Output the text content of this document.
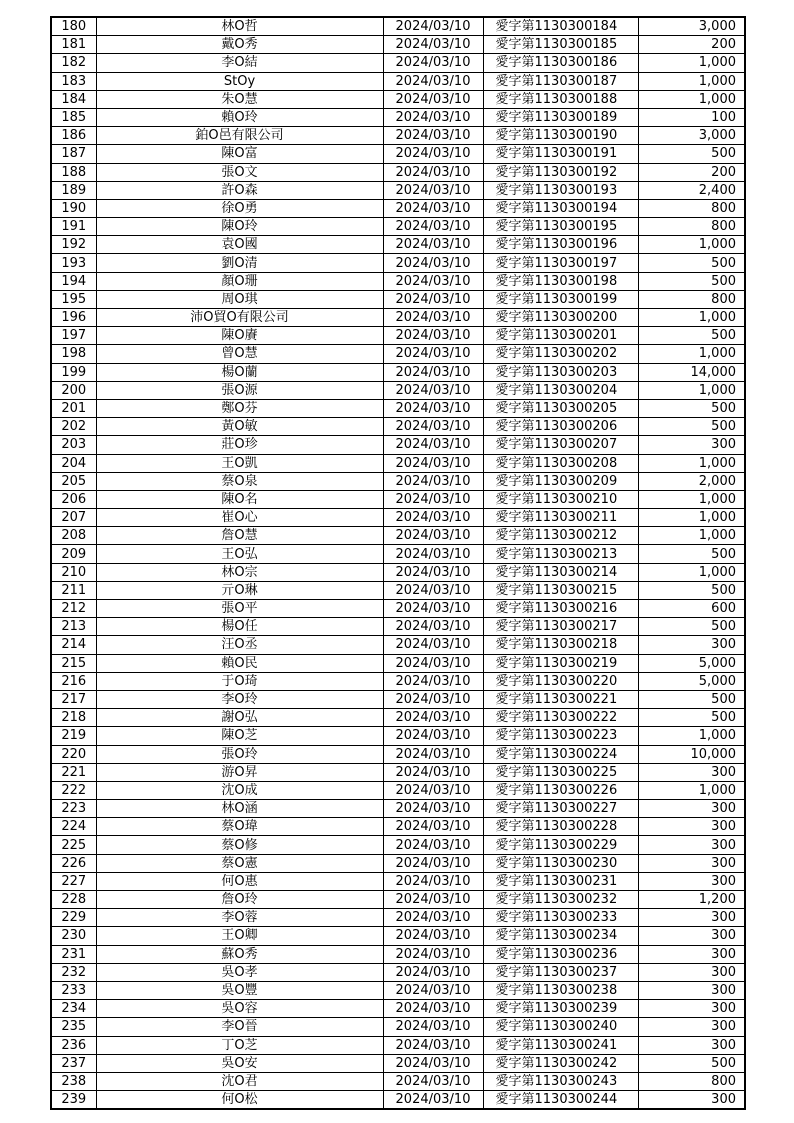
180	林O哲	2024/03/10	愛字第1130300184	3,000
181	戴O秀	2024/03/10	愛字第1130300185	200
182	李O結	2024/03/10	愛字第1130300186	1,000
183	StOy	2024/03/10	愛字第1130300187	1,000
184	朱O慧	2024/03/10	愛字第1130300188	1,000
185	賴O玲	2024/03/10	愛字第1130300189	100
186	鉑O邑有限公司	2024/03/10	愛字第1130300190	3,000
187	陳O富	2024/03/10	愛字第1130300191	500
188	張O文	2024/03/10	愛字第1130300192	200
189	許O森	2024/03/10	愛字第1130300193	2,400
190	徐O勇	2024/03/10	愛字第1130300194	800
191	陳O玲	2024/03/10	愛字第1130300195	800
192	袁O國	2024/03/10	愛字第1130300196	1,000
193	劉O清	2024/03/10	愛字第1130300197	500
194	顏O珊	2024/03/10	愛字第1130300198	500
195	周O琪	2024/03/10	愛字第1130300199	800
196	沛O貿O有限公司	2024/03/10	愛字第1130300200	1,000
197	陳O賡	2024/03/10	愛字第1130300201	500
198	曾O慧	2024/03/10	愛字第1130300202	1,000
199	楊O蘭	2024/03/10	愛字第1130300203	14,000
200	張O源	2024/03/10	愛字第1130300204	1,000
201	鄭O芬	2024/03/10	愛字第1130300205	500
202	黃O敏	2024/03/10	愛字第1130300206	500
203	莊O珍	2024/03/10	愛字第1130300207	300
204	王O凱	2024/03/10	愛字第1130300208	1,000
205	蔡O泉	2024/03/10	愛字第1130300209	2,000
206	陳O名	2024/03/10	愛字第1130300210	1,000
207	崔O心	2024/03/10	愛字第1130300211	1,000
208	詹O慧	2024/03/10	愛字第1130300212	1,000
209	王O弘	2024/03/10	愛字第1130300213	500
210	林O宗	2024/03/10	愛字第1130300214	1,000
211	亓O琳	2024/03/10	愛字第1130300215	500
212	張O平	2024/03/10	愛字第1130300216	600
213	楊O任	2024/03/10	愛字第1130300217	500
214	汪O丞	2024/03/10	愛字第1130300218	300
215	賴O民	2024/03/10	愛字第1130300219	5,000
216	于O琦	2024/03/10	愛字第1130300220	5,000
217	李O玲	2024/03/10	愛字第1130300221	500
218	謝O弘	2024/03/10	愛字第1130300222	500
219	陳O芝	2024/03/10	愛字第1130300223	1,000
220	張O玲	2024/03/10	愛字第1130300224	10,000
221	游O昇	2024/03/10	愛字第1130300225	300
222	沈O成	2024/03/10	愛字第1130300226	1,000
223	林O涵	2024/03/10	愛字第1130300227	300
224	蔡O瑋	2024/03/10	愛字第1130300228	300
225	蔡O修	2024/03/10	愛字第1130300229	300
226	蔡O憲	2024/03/10	愛字第1130300230	300
227	何O惠	2024/03/10	愛字第1130300231	300
228	詹O玲	2024/03/10	愛字第1130300232	1,200
229	李O蓉	2024/03/10	愛字第1130300233	300
230	王O卿	2024/03/10	愛字第1130300234	300
231	蘇O秀	2024/03/10	愛字第1130300236	300
232	吳O孝	2024/03/10	愛字第1130300237	300
233	吳O豐	2024/03/10	愛字第1130300238	300
234	吳O容	2024/03/10	愛字第1130300239	300
235	李O晉	2024/03/10	愛字第1130300240	300
236	丁O芝	2024/03/10	愛字第1130300241	300
237	吳O安	2024/03/10	愛字第1130300242	500
238	沈O君	2024/03/10	愛字第1130300243	800
239	何O松	2024/03/10	愛字第1130300244	300
